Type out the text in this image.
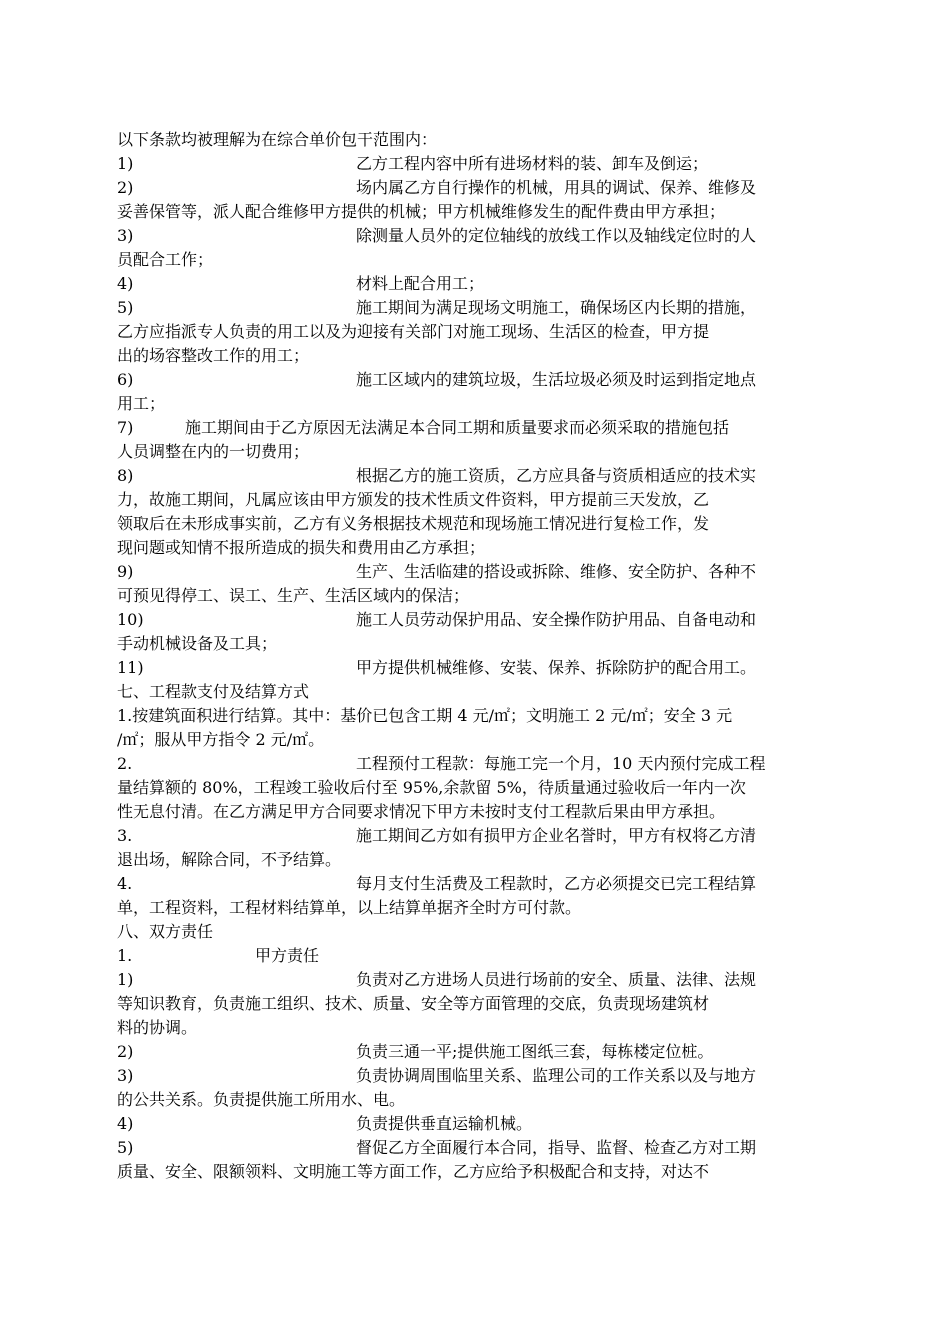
以下条款均被理解为在综合单价包干范围内：
1)	乙方工程内容中所有进场材料的装、卸车及倒运；
2)	场内属乙方自行操作的机械，用具的调试、保养、维修及
妥善保管等，派人配合维修甲方提供的机械；甲方机械维修发生的配件费由甲方承担；
3)	除测量人员外的定位轴线的放线工作以及轴线定位时的人
员配合工作；
4)	材料上配合用工；
5)	施工期间为满足现场文明施工，确保场区内长期的措施，
乙方应指派专人负责的用工以及为迎接有关部门对施工现场、生活区的检查，甲方提
出的场容整改工作的用工；
6)	施工区域内的建筑垃圾，生活垃圾必须及时运到指定地点
用工；
7)	施工期间由于乙方原因无法满足本合同工期和质量要求而必须采取的措施包括
人员调整在内的一切费用；
8)	根据乙方的施工资质，乙方应具备与资质相适应的技术实
力，故施工期间，凡属应该由甲方颁发的技术性质文件资料，甲方提前三天发放，乙
领取后在未形成事实前，乙方有义务根据技术规范和现场施工情况进行复检工作，发
现问题或知情不报所造成的损失和费用由乙方承担；
9)	生产、生活临建的搭设或拆除、维修、安全防护、各种不
可预见得停工、误工、生产、生活区域内的保洁；
10)	施工人员劳动保护用品、安全操作防护用品、自备电动和
手动机械设备及工具；
11)	甲方提供机械维修、安装、保养、拆除防护的配合用工。
七、工程款支付及结算方式
1.按建筑面积进行结算。其中：基价已包含工期 4 元/㎡；文明施工 2 元/㎡；安全 3 元
/㎡；服从甲方指令 2 元/㎡。
2.	工程预付工程款：每施工完一个月，10 天内预付完成工程
量结算额的 80%，工程竣工验收后付至 95%,余款留 5%，待质量通过验收后一年内一次
性无息付清。在乙方满足甲方合同要求情况下甲方未按时支付工程款后果由甲方承担。
3.	施工期间乙方如有损甲方企业名誉时，甲方有权将乙方清
退出场，解除合同，不予结算。
4.	每月支付生活费及工程款时，乙方必须提交已完工程结算
单，工程资料，工程材料结算单，以上结算单据齐全时方可付款。
八、双方责任
1.	甲方责任
1)	负责对乙方进场人员进行场前的安全、质量、法律、法规
等知识教育，负责施工组织、技术、质量、安全等方面管理的交底，负责现场建筑材
料的协调。
2)	负责三通一平;提供施工图纸三套，每栋楼定位桩。
3)	负责协调周围临里关系、监理公司的工作关系以及与地方
的公共关系。负责提供施工所用水、电。
4)	负责提供垂直运输机械。
5)	督促乙方全面履行本合同，指导、监督、检查乙方对工期
质量、安全、限额领料、文明施工等方面工作，乙方应给予积极配合和支持，对达不
